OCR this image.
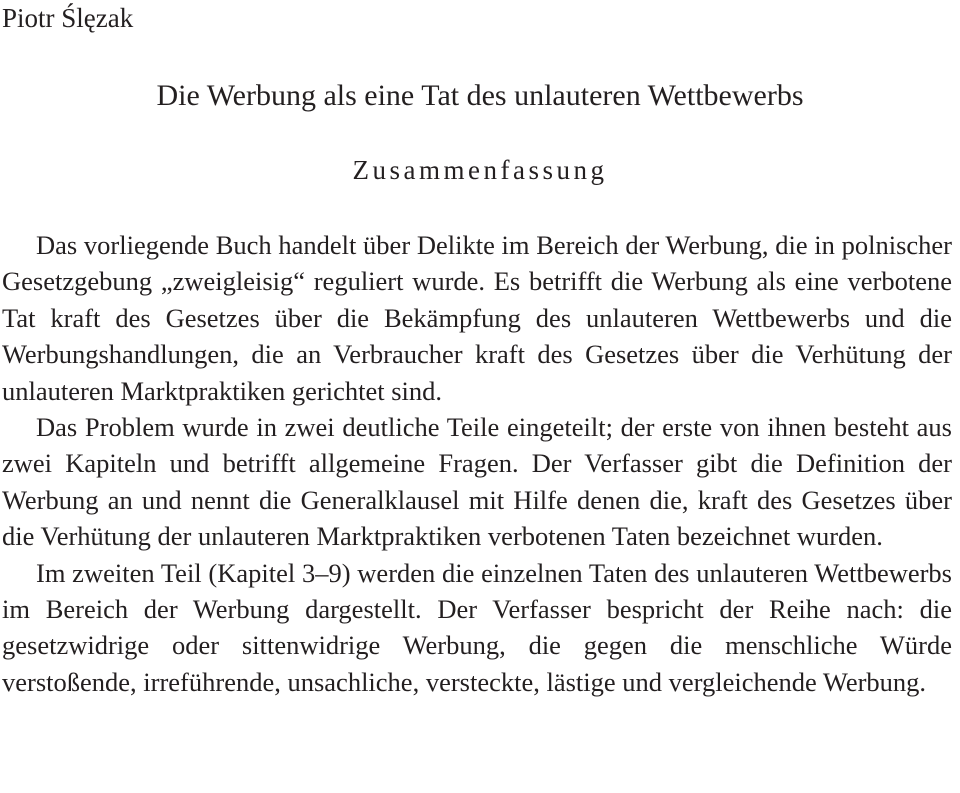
Piotr Ślęzak
Die Werbung als eine Tat des unlauteren Wettbewerbs
Zusammenfassung

Das vorliegende Buch handelt über Delikte im Bereich der Werbung, die in polnischer Gesetzgebung „zweigleisig“ reguliert wurde. Es betrifft die Werbung als eine verbotene Tat kraft des Gesetzes über die Bekämpfung des unlauteren Wettbewerbs und die Werbungshandlungen, die an Verbraucher kraft des Gesetzes über die Verhütung der unlauteren Marktpraktiken gerichtet sind.

Das Problem wurde in zwei deutliche Teile eingeteilt; der erste von ihnen besteht aus zwei Kapiteln und betrifft allgemeine Fragen. Der Verfasser gibt die Definition der Werbung an und nennt die Generalklausel mit Hilfe denen die, kraft des Gesetzes über die Verhütung der unlauteren Marktpraktiken verbotenen Taten bezeichnet wurden.

Im zweiten Teil (Kapitel 3–9) werden die einzelnen Taten des unlauteren Wettbewerbs im Bereich der Werbung dargestellt. Der Verfasser bespricht der Reihe nach: die gesetzwidrige oder sittenwidrige Werbung, die gegen die menschliche Würde verstoßende, irreführende, unsachliche, versteckte, lästige und vergleichende Werbung.
